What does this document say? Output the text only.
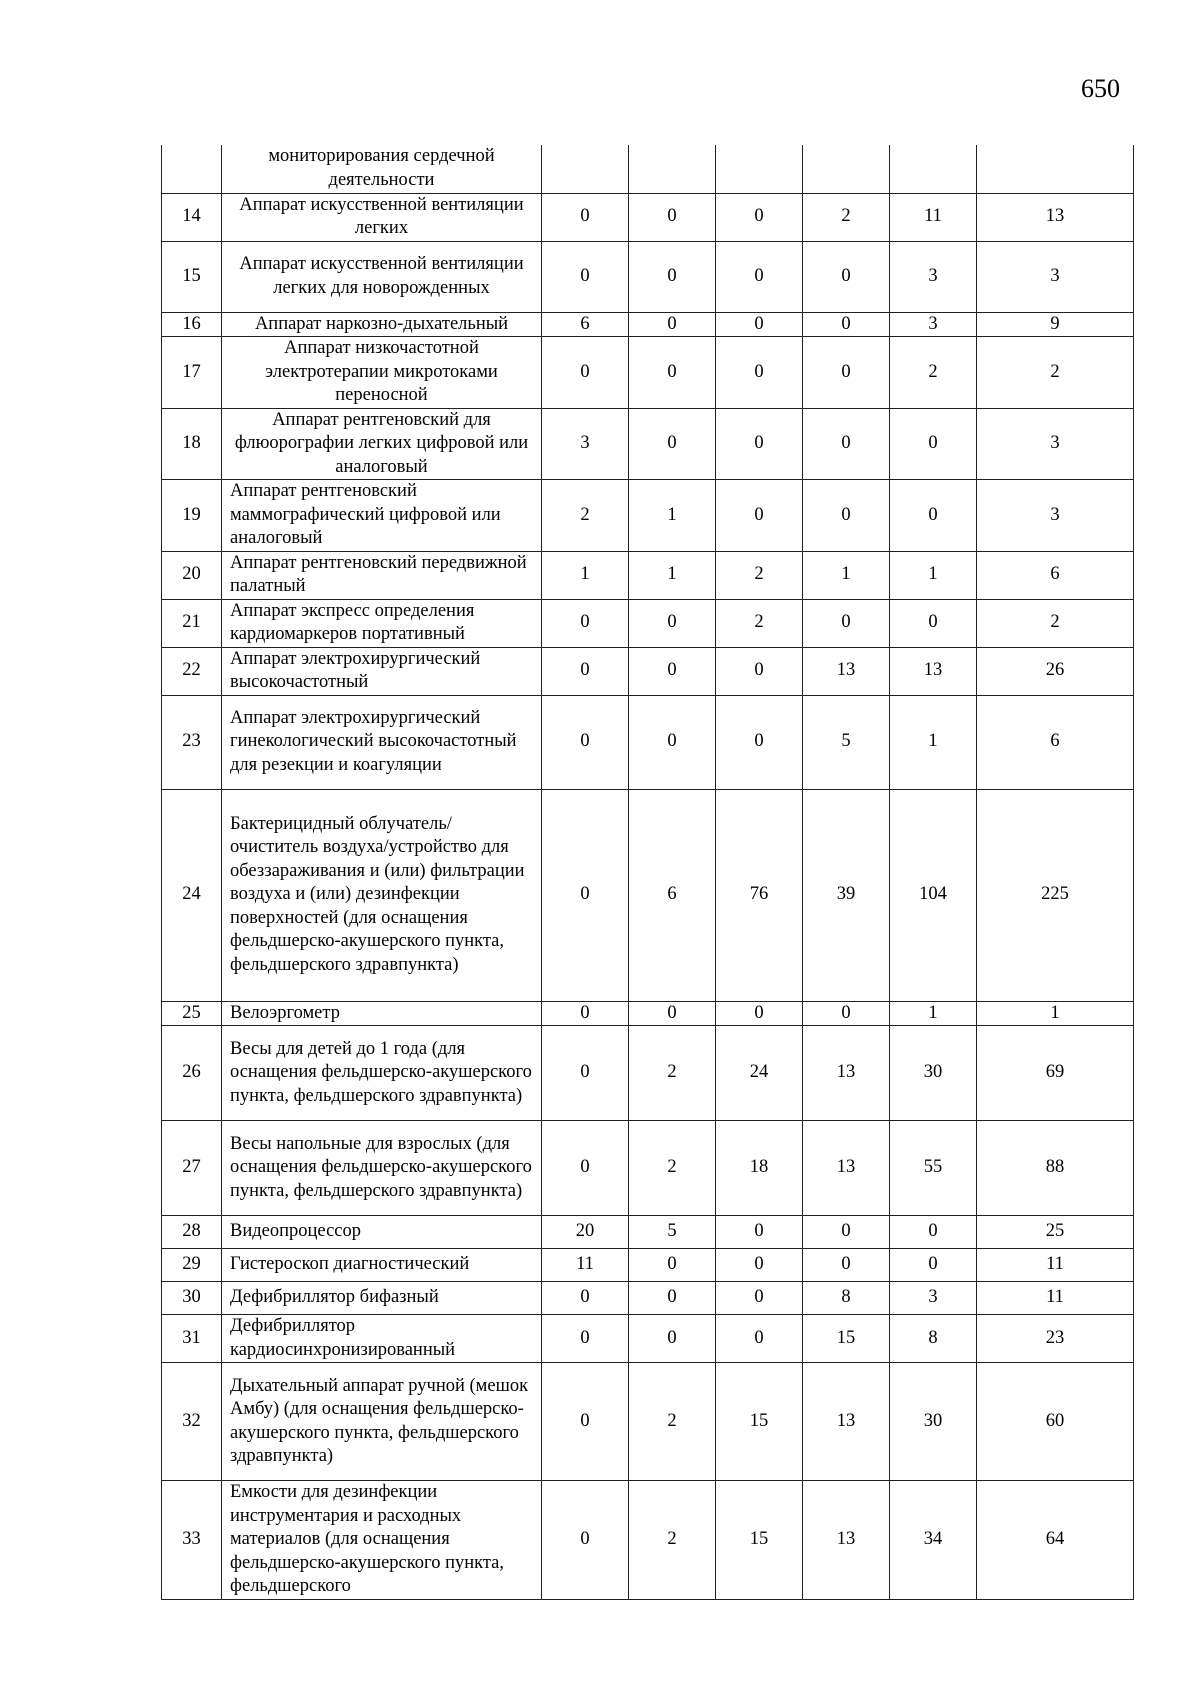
650
	мониторирования сердечной деятельности						
14	Аппарат искусственной вентиляции легких	0	0	0	2	11	13
15	Аппарат искусственной вентиляции легких для новорожденных	0	0	0	0	3	3
16	Аппарат наркозно-дыхательный	6	0	0	0	3	9
17	Аппарат низкочастотной электротерапии микротоками переносной	0	0	0	0	2	2
18	Аппарат рентгеновский для флюорографии легких цифровой или аналоговый	3	0	0	0	0	3
19	Аппарат рентгеновский маммографический цифровой или аналоговый	2	1	0	0	0	3
20	Аппарат рентгеновский передвижной палатный	1	1	2	1	1	6
21	Аппарат экспресс определения кардиомаркеров портативный	0	0	2	0	0	2
22	Аппарат электрохирургический высокочастотный	0	0	0	13	13	26
23	Аппарат электрохирургический гинекологический высокочастотный для резекции и коагуляции	0	0	0	5	1	6
24	Бактерицидный облучатель/очиститель воздуха/устройство для обеззараживания и (или) фильтрации воздуха и (или) дезинфекции поверхностей (для оснащения фельдшерско-акушерского пункта, фельдшерского здравпункта)	0	6	76	39	104	225
25	Велоэргометр	0	0	0	0	1	1
26	Весы для детей до 1 года (для оснащения фельдшерско-акушерского пункта, фельдшерского здравпункта)	0	2	24	13	30	69
27	Весы напольные для взрослых (для оснащения фельдшерско-акушерского пункта, фельдшерского здравпункта)	0	2	18	13	55	88
28	Видеопроцессор	20	5	0	0	0	25
29	Гистероскоп диагностический	11	0	0	0	0	11
30	Дефибриллятор бифазный	0	0	0	8	3	11
31	Дефибриллятор кардиосинхронизированный	0	0	0	15	8	23
32	Дыхательный аппарат ручной (мешок Амбу) (для оснащения фельдшерско-акушерского пункта, фельдшерского здравпункта)	0	2	15	13	30	60
33	Емкости для дезинфекции инструментария и расходных материалов (для оснащения фельдшерско-акушерского пункта, фельдшерского	0	2	15	13	34	64
